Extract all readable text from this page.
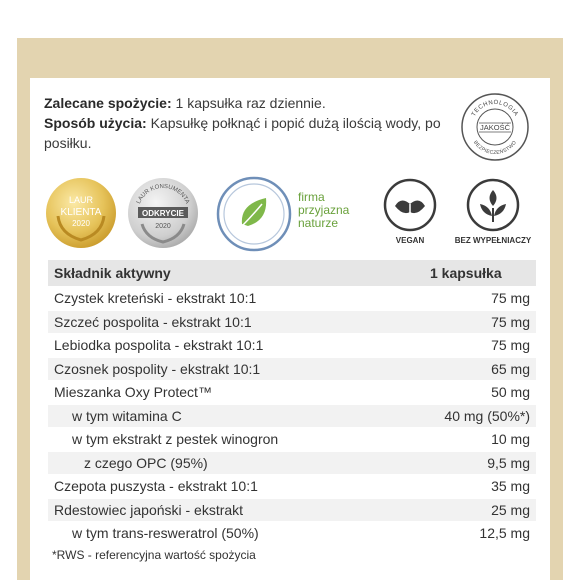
Zalecane spożycie: 1 kapsułka raz dziennie.
Sposób użycia: Kapsułkę połknąć i popić dużą ilością wody, po posiłku.
TECHNOLOGIA
BEZPIECZEŃSTWO
JAKOŚĆ
LAUR
KLIENTA
2020
LAUR KONSUMENTA
ODKRYCIE
2020
firma
przyjazna
naturze
VEGAN	BEZ WYPEŁNIACZY
Składnik aktywny	1 kapsułka
Czystek kreteński - ekstrakt 10:1	75 mg
Szczeć pospolita - ekstrakt 10:1	75 mg
Lebiodka pospolita - ekstrakt 10:1	75 mg
Czosnek pospolity - ekstrakt 10:1	65 mg
Mieszanka Oxy Protect™	50 mg
w tym witamina C	40 mg (50%*)
w tym ekstrakt z pestek winogron	10 mg
z czego OPC (95%)	9,5 mg
Czepota puszysta - ekstrakt 10:1	35 mg
Rdestowiec japoński - ekstrakt	25 mg
w tym trans-resweratrol (50%)	12,5 mg
*RWS - referencyjna wartość spożycia
